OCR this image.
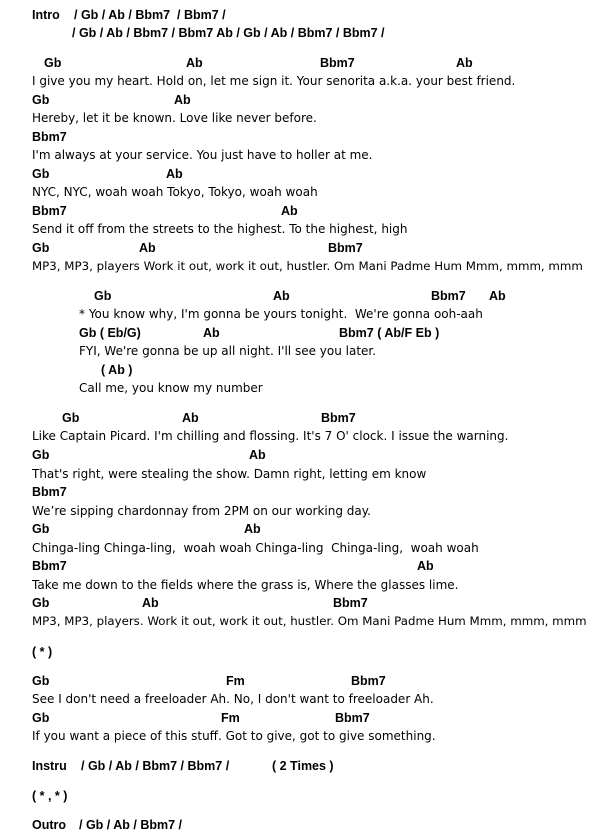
Intro / Gb / Ab / Bbm7  / Bbm7 /
/ Gb / Ab / Bbm7 / Bbm7 Ab / Gb / Ab / Bbm7 / Bbm7 /
Gb	Ab	Bbm7	Ab
I give you my heart. Hold on, let me sign it. Your senorita a.k.a. your best friend.
Gb	Ab
Hereby, let it be known. Love like never before.
Bbm7
I'm always at your service. You just have to holler at me.
Gb	Ab
NYC, NYC, woah woah Tokyo, Tokyo, woah woah
Bbm7	Ab
Send it off from the streets to the highest. To the highest, high
Gb	Ab	Bbm7
MP3, MP3, players Work it out, work it out, hustler. Om Mani Padme Hum Mmm, mmm, mmm
Gb	Ab	Bbm7 Ab
* You know why, I'm gonna be yours tonight.  We're gonna ooh-aah
Gb ( Eb/G)	Ab	Bbm7 ( Ab/F Eb )
FYI, We're gonna be up all night. I'll see you later.
( Ab )
Call me, you know my number
Gb	Ab	Bbm7
Like Captain Picard. I'm chilling and flossing. It's 7 O' clock. I issue the warning.
Gb	Ab
That's right, were stealing the show. Damn right, letting em know
Bbm7
We’re sipping chardonnay from 2PM on our working day.
Gb	Ab
Chinga-ling Chinga-ling,  woah woah Chinga-ling  Chinga-ling,  woah woah
Bbm7	Ab
Take me down to the fields where the grass is, Where the glasses lime.
Gb	Ab	Bbm7
MP3, MP3, players. Work it out, work it out, hustler. Om Mani Padme Hum Mmm, mmm, mmm
( * )
Gb	Fm	Bbm7
See I don't need a freeloader Ah. No, I don't want to freeloader Ah.
Gb	Fm	Bbm7
If you want a piece of this stuff. Got to give, got to give something.
Instru / Gb / Ab / Bbm7 / Bbm7 /	( 2 Times )
( * , * )
Outro / Gb / Ab / Bbm7 /
